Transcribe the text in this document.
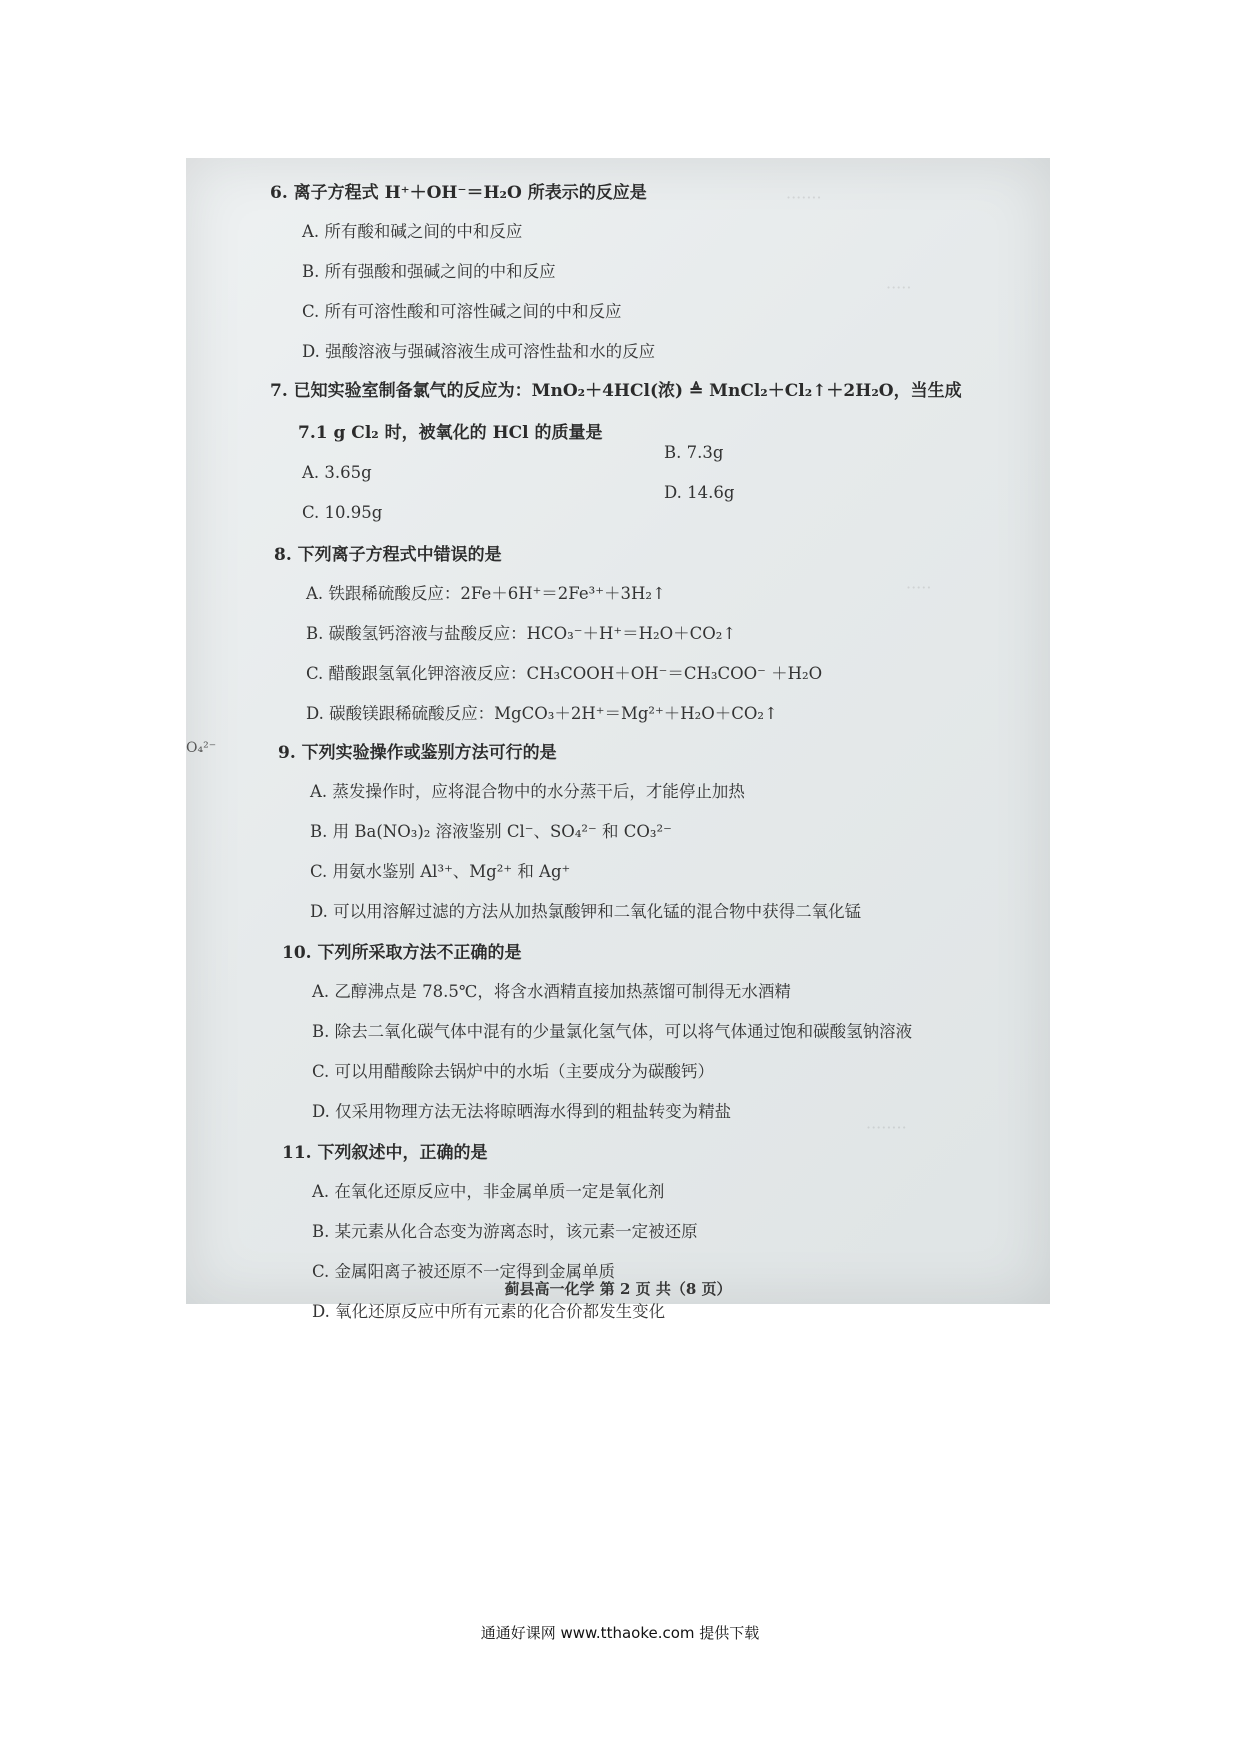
·······
·····
·····
········
6. 离子方程式 H⁺＋OH⁻＝H₂O 所表示的反应是
A. 所有酸和碱之间的中和反应
B. 所有强酸和强碱之间的中和反应
C. 所有可溶性酸和可溶性碱之间的中和反应
D. 强酸溶液与强碱溶液生成可溶性盐和水的反应
7. 已知实验室制备氯气的反应为：MnO₂＋4HCl(浓) ≜ MnCl₂＋Cl₂↑＋2H₂O，当生成
7.1 g Cl₂ 时，被氧化的 HCl 的质量是
A. 3.65g
B. 7.3g
C. 10.95g
D. 14.6g
8. 下列离子方程式中错误的是
A. 铁跟稀硫酸反应：2Fe＋6H⁺＝2Fe³⁺＋3H₂↑
B. 碳酸氢钙溶液与盐酸反应：HCO₃⁻＋H⁺＝H₂O＋CO₂↑
C. 醋酸跟氢氧化钾溶液反应：CH₃COOH＋OH⁻＝CH₃COO⁻ ＋H₂O
D. 碳酸镁跟稀硫酸反应：MgCO₃＋2H⁺＝Mg²⁺＋H₂O＋CO₂↑
9. 下列实验操作或鉴别方法可行的是
A. 蒸发操作时，应将混合物中的水分蒸干后，才能停止加热
B. 用 Ba(NO₃)₂ 溶液鉴别 Cl⁻、SO₄²⁻ 和 CO₃²⁻
C. 用氨水鉴别 Al³⁺、Mg²⁺ 和 Ag⁺
D. 可以用溶解过滤的方法从加热氯酸钾和二氧化锰的混合物中获得二氧化锰
10. 下列所采取方法不正确的是
A. 乙醇沸点是 78.5℃，将含水酒精直接加热蒸馏可制得无水酒精
B. 除去二氧化碳气体中混有的少量氯化氢气体，可以将气体通过饱和碳酸氢钠溶液
C. 可以用醋酸除去锅炉中的水垢（主要成分为碳酸钙）
D. 仅采用物理方法无法将晾晒海水得到的粗盐转变为精盐
11. 下列叙述中，正确的是
A. 在氧化还原反应中，非金属单质一定是氧化剂
B. 某元素从化合态变为游离态时，该元素一定被还原
C. 金属阳离子被还原不一定得到金属单质
D. 氧化还原反应中所有元素的化合价都发生变化
蓟县高一化学 第 2 页 共（8 页）
O₄²⁻
通通好课网 www.tthaoke.com 提供下载
